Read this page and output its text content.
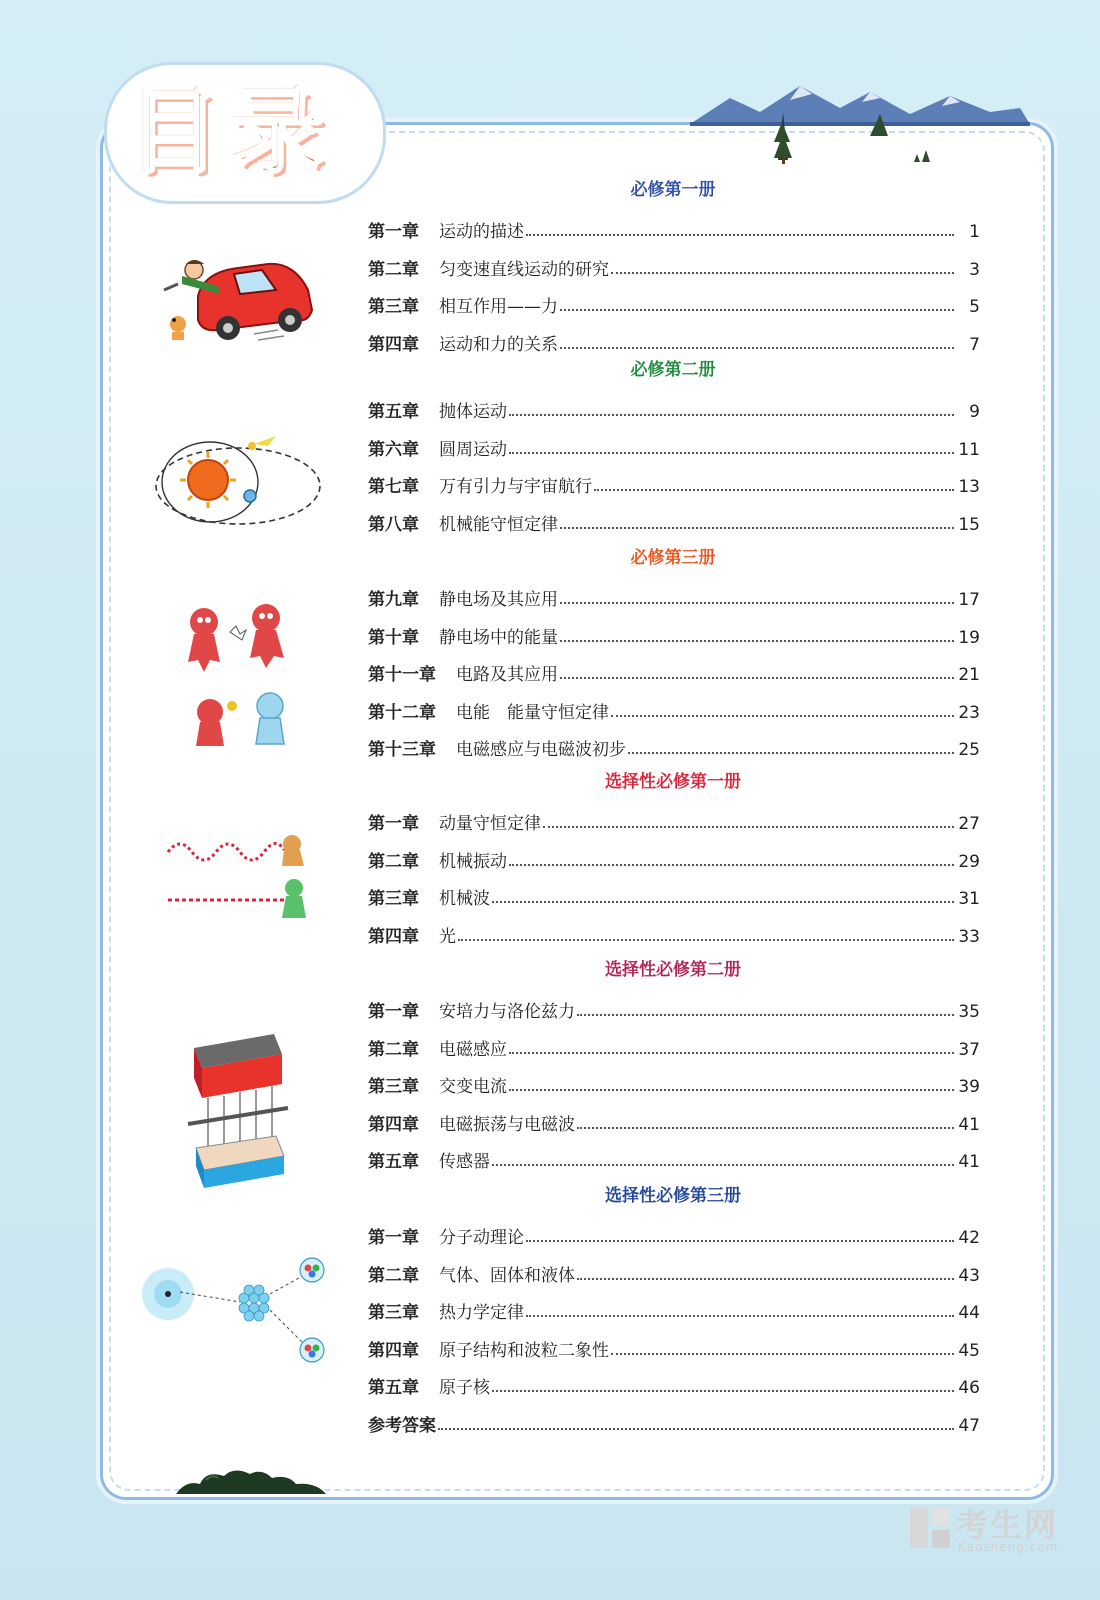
目录
必修第一册
第一章 运动的描述	1
第二章 匀变速直线运动的研究	3
第三章 相互作用——力	5
第四章 运动和力的关系	7
必修第二册
第五章 抛体运动	9
第六章 圆周运动	11
第七章 万有引力与宇宙航行	13
第八章 机械能守恒定律	15
必修第三册
第九章 静电场及其应用	17
第十章 静电场中的能量	19
第十一章 电路及其应用	21
第十二章 电能　能量守恒定律	23
第十三章 电磁感应与电磁波初步	25
选择性必修第一册
第一章 动量守恒定律	27
第二章 机械振动	29
第三章 机械波	31
第四章 光	33
选择性必修第二册
第一章 安培力与洛伦兹力	35
第二章 电磁感应	37
第三章 交变电流	39
第四章 电磁振荡与电磁波	41
第五章 传感器	41
选择性必修第三册
第一章 分子动理论	42
第二章 气体、固体和液体	43
第三章 热力学定律	44
第四章 原子结构和波粒二象性	45
第五章 原子核	46
参考答案	47
考生网
Kaosheng.com
